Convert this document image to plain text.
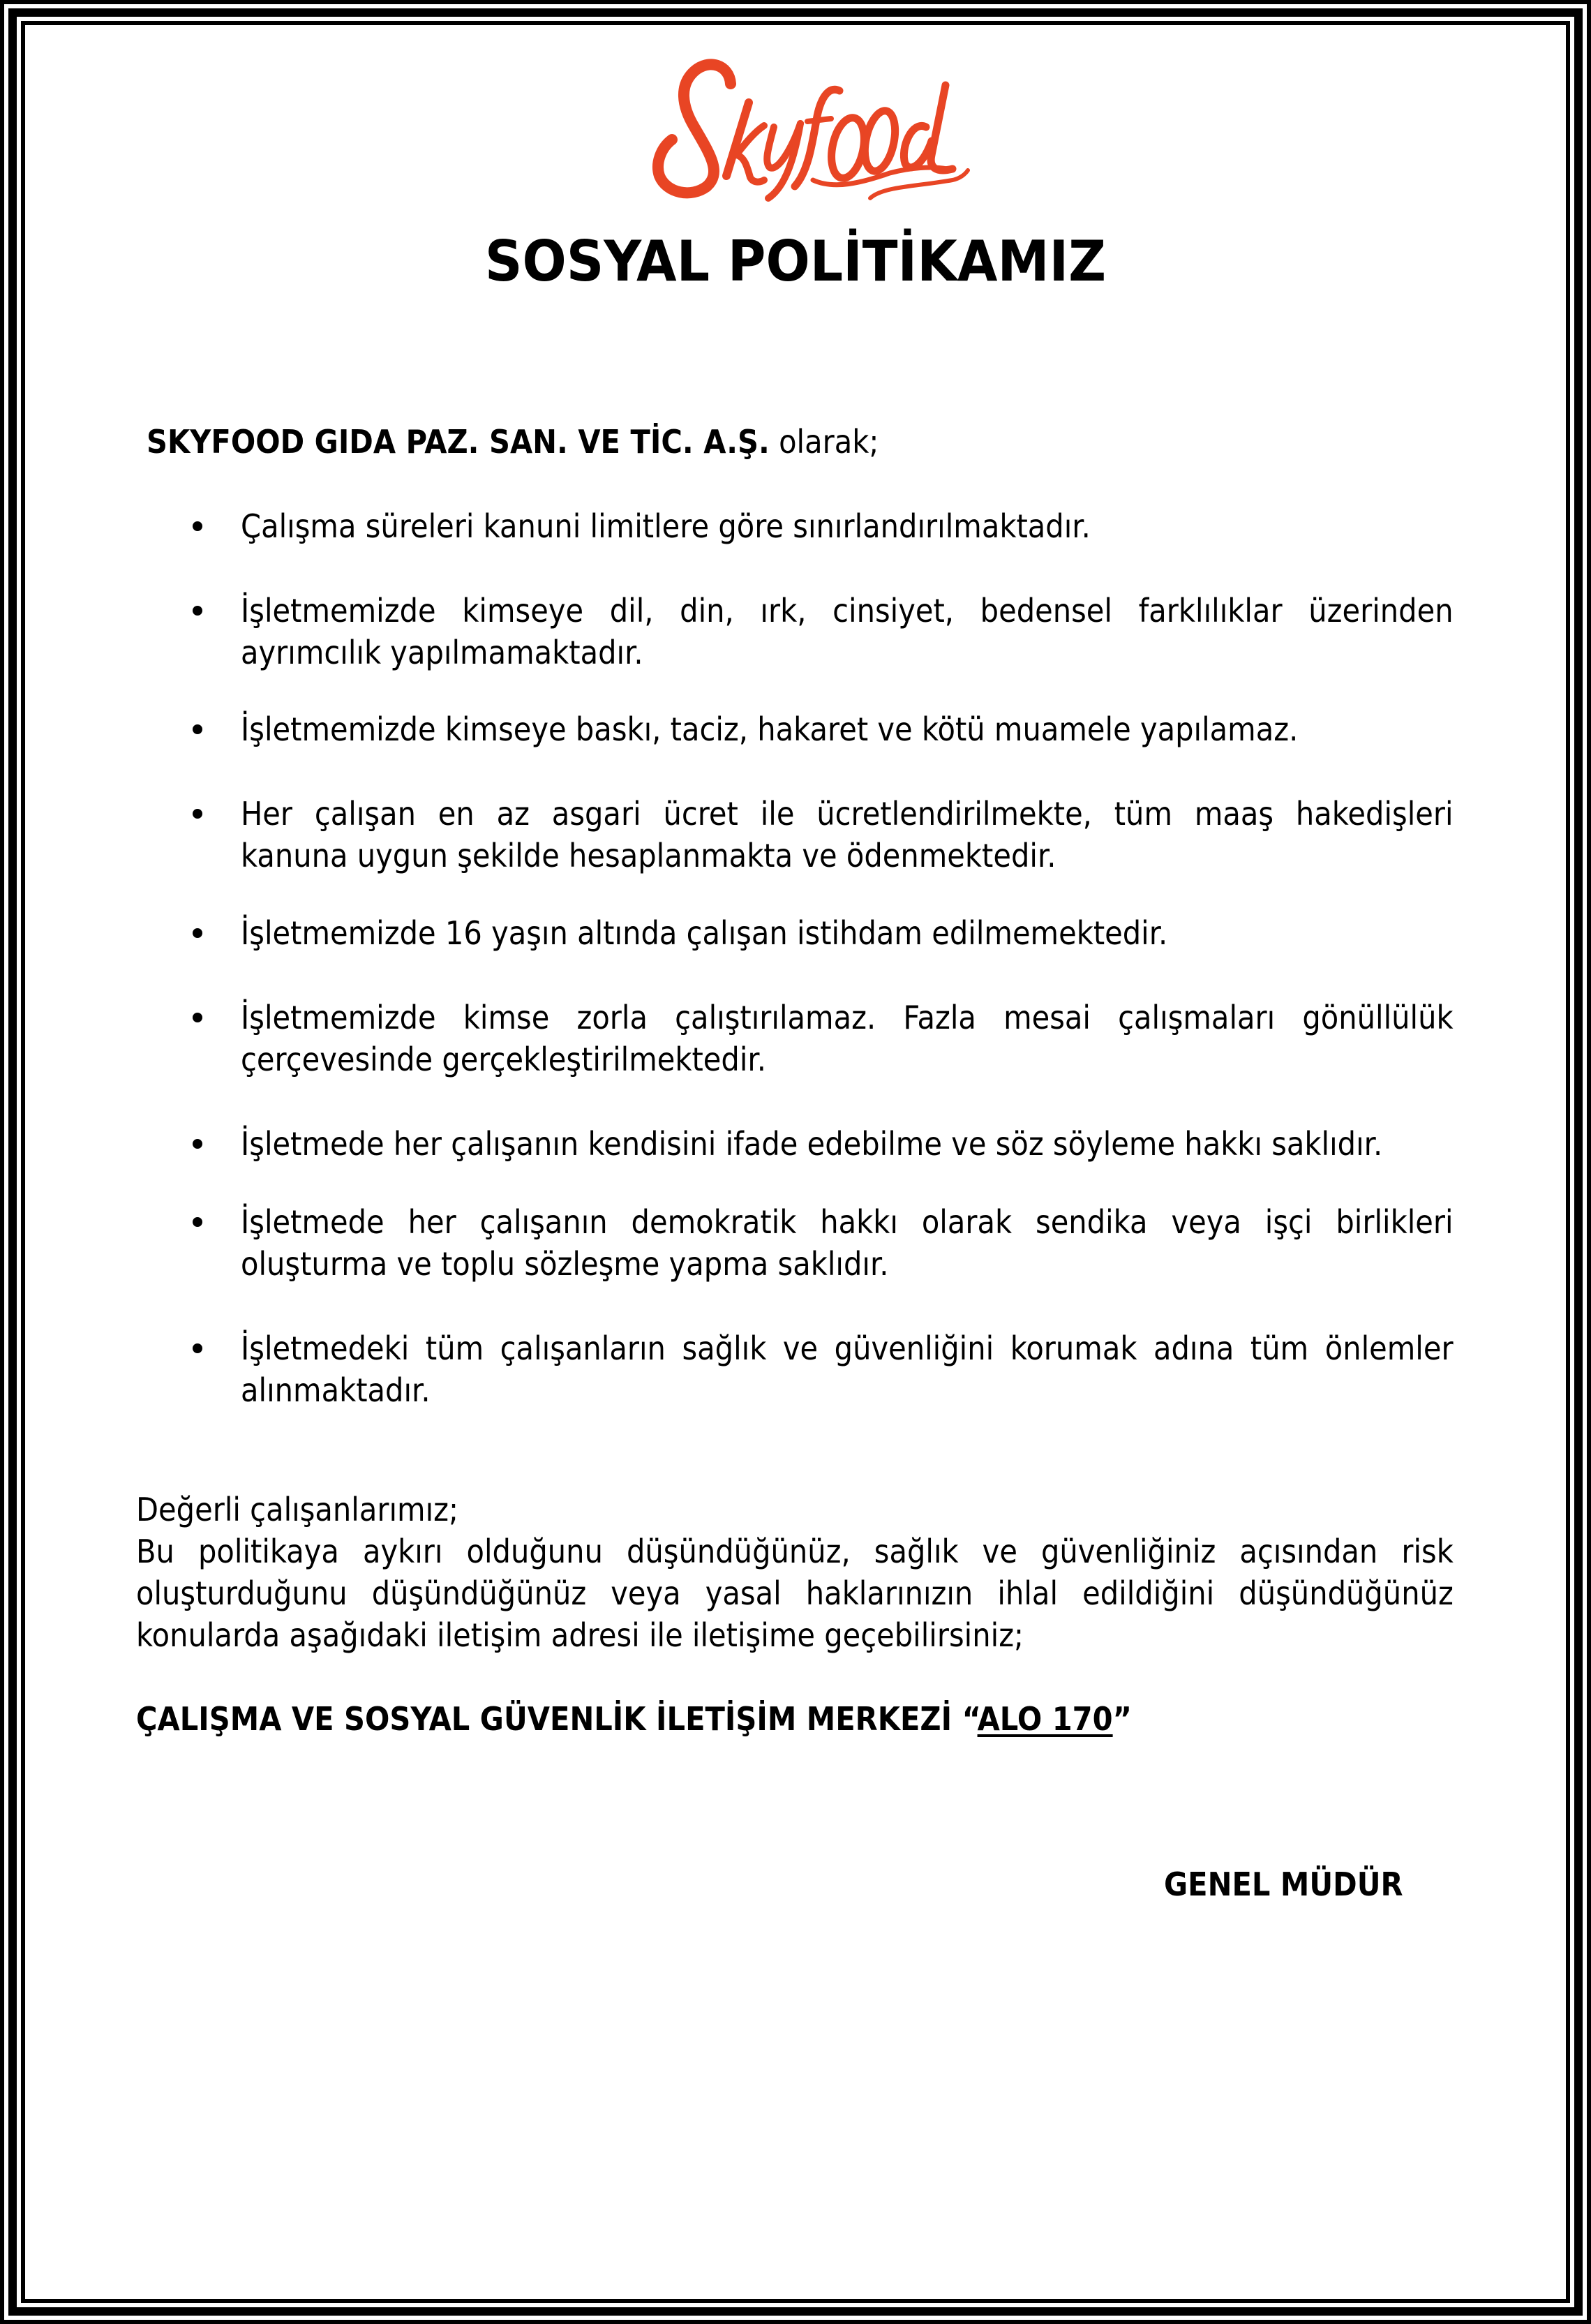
SOSYAL POLİTİKAMIZ
SKYFOOD GIDA PAZ. SAN. VE TİC. A.Ş. olarak;
Çalışma süreleri kanuni limitlere göre sınırlandırılmaktadır.
İşletmemizde kimseye dil, din, ırk, cinsiyet, bedensel farklılıklar üzerinden
ayrımcılık yapılmamaktadır.
İşletmemizde kimseye baskı, taciz, hakaret ve kötü muamele yapılamaz.
Her çalışan en az asgari ücret ile ücretlendirilmekte, tüm maaş hakedişleri
kanuna uygun şekilde hesaplanmakta ve ödenmektedir.
İşletmemizde 16 yaşın altında çalışan istihdam edilmemektedir.
İşletmemizde kimse zorla çalıştırılamaz. Fazla mesai çalışmaları gönüllülük
çerçevesinde gerçekleştirilmektedir.
İşletmede her çalışanın kendisini ifade edebilme ve söz söyleme hakkı saklıdır.
İşletmede her çalışanın demokratik hakkı olarak sendika veya işçi birlikleri
oluşturma ve toplu sözleşme yapma saklıdır.
İşletmedeki tüm çalışanların sağlık ve güvenliğini korumak adına tüm önlemler
alınmaktadır.
Değerli çalışanlarımız;
Bu politikaya aykırı olduğunu düşündüğünüz, sağlık ve güvenliğiniz açısından risk
oluşturduğunu düşündüğünüz veya yasal haklarınızın ihlal edildiğini düşündüğünüz
konularda aşağıdaki iletişim adresi ile iletişime geçebilirsiniz;
ÇALIŞMA VE SOSYAL GÜVENLİK İLETİŞİM MERKEZİ “ALO 170”
GENEL MÜDÜR
